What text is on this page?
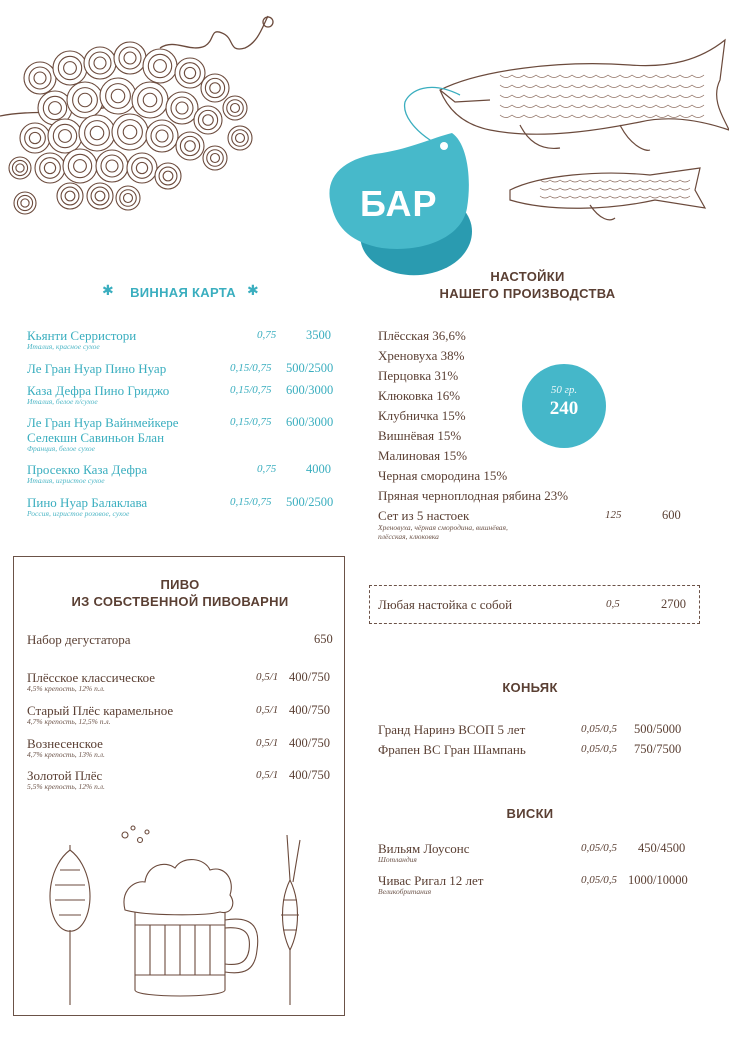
БАР
✱	ВИННАЯ КАРТА ✱
Кьянти Серристори
Италия, красное сухое
0,75 3500
Ле Гран Нуар Пино Нуар	0,15/0,75 500/2500
Каза Дефра Пино Гриджо
Италия, белое п/сухое
0,15/0,75 600/3000
Ле Гран Нуар Вайнмейкере
Селекшн Савиньон Блан
Франция, белое сухое
0,15/0,75 600/3000
Просекко Каза Дефра
Италия, игристое сухое
0,75 4000
Пино Нуар Балаклава
Россия, игристое розовое, сухое
0,15/0,75 500/2500
НАСТОЙКИ
НАШЕГО ПРОИЗВОДСТВА
Плёсская 36,6%
Хреновуха 38%
Перцовка 31%
Клюковка 16%
Клубничка 15%
Вишнёвая 15%
Малиновая 15%
Черная смородина 15%
Пряная черноплодная рябина 23%
50 гр.
240
Сет из 5 настоек
Хреновуха, чёрная смородина, вишнёвая,
плёсская, клюковка
125	600
Любая настойка с собой	0,5	2700
ПИВО
ИЗ СОБСТВЕННОЙ ПИВОВАРНИ
Набор дегустатора	650
Плёсское классическое
4,5% крепость, 12% п.л.
0,5/1 400/750
Старый Плёс карамельное
4,7% крепость, 12,5% п.л.
0,5/1 400/750
Вознесенское
4,7% крепость, 13% п.л.
0,5/1 400/750
Золотой Плёс
5,5% крепость, 12% п.л.
0,5/1 400/750
КОНЬЯК
Гранд Наринэ ВСОП 5 лет	0,05/0,5 500/5000
Фрапен ВС Гран Шампань	0,05/0,5 750/7500
ВИСКИ
Вильям Лоусонс
Шотландия
0,05/0,5 450/4500
Чивас Ригал 12 лет
Великобритания
0,05/0,5 1000/10000
